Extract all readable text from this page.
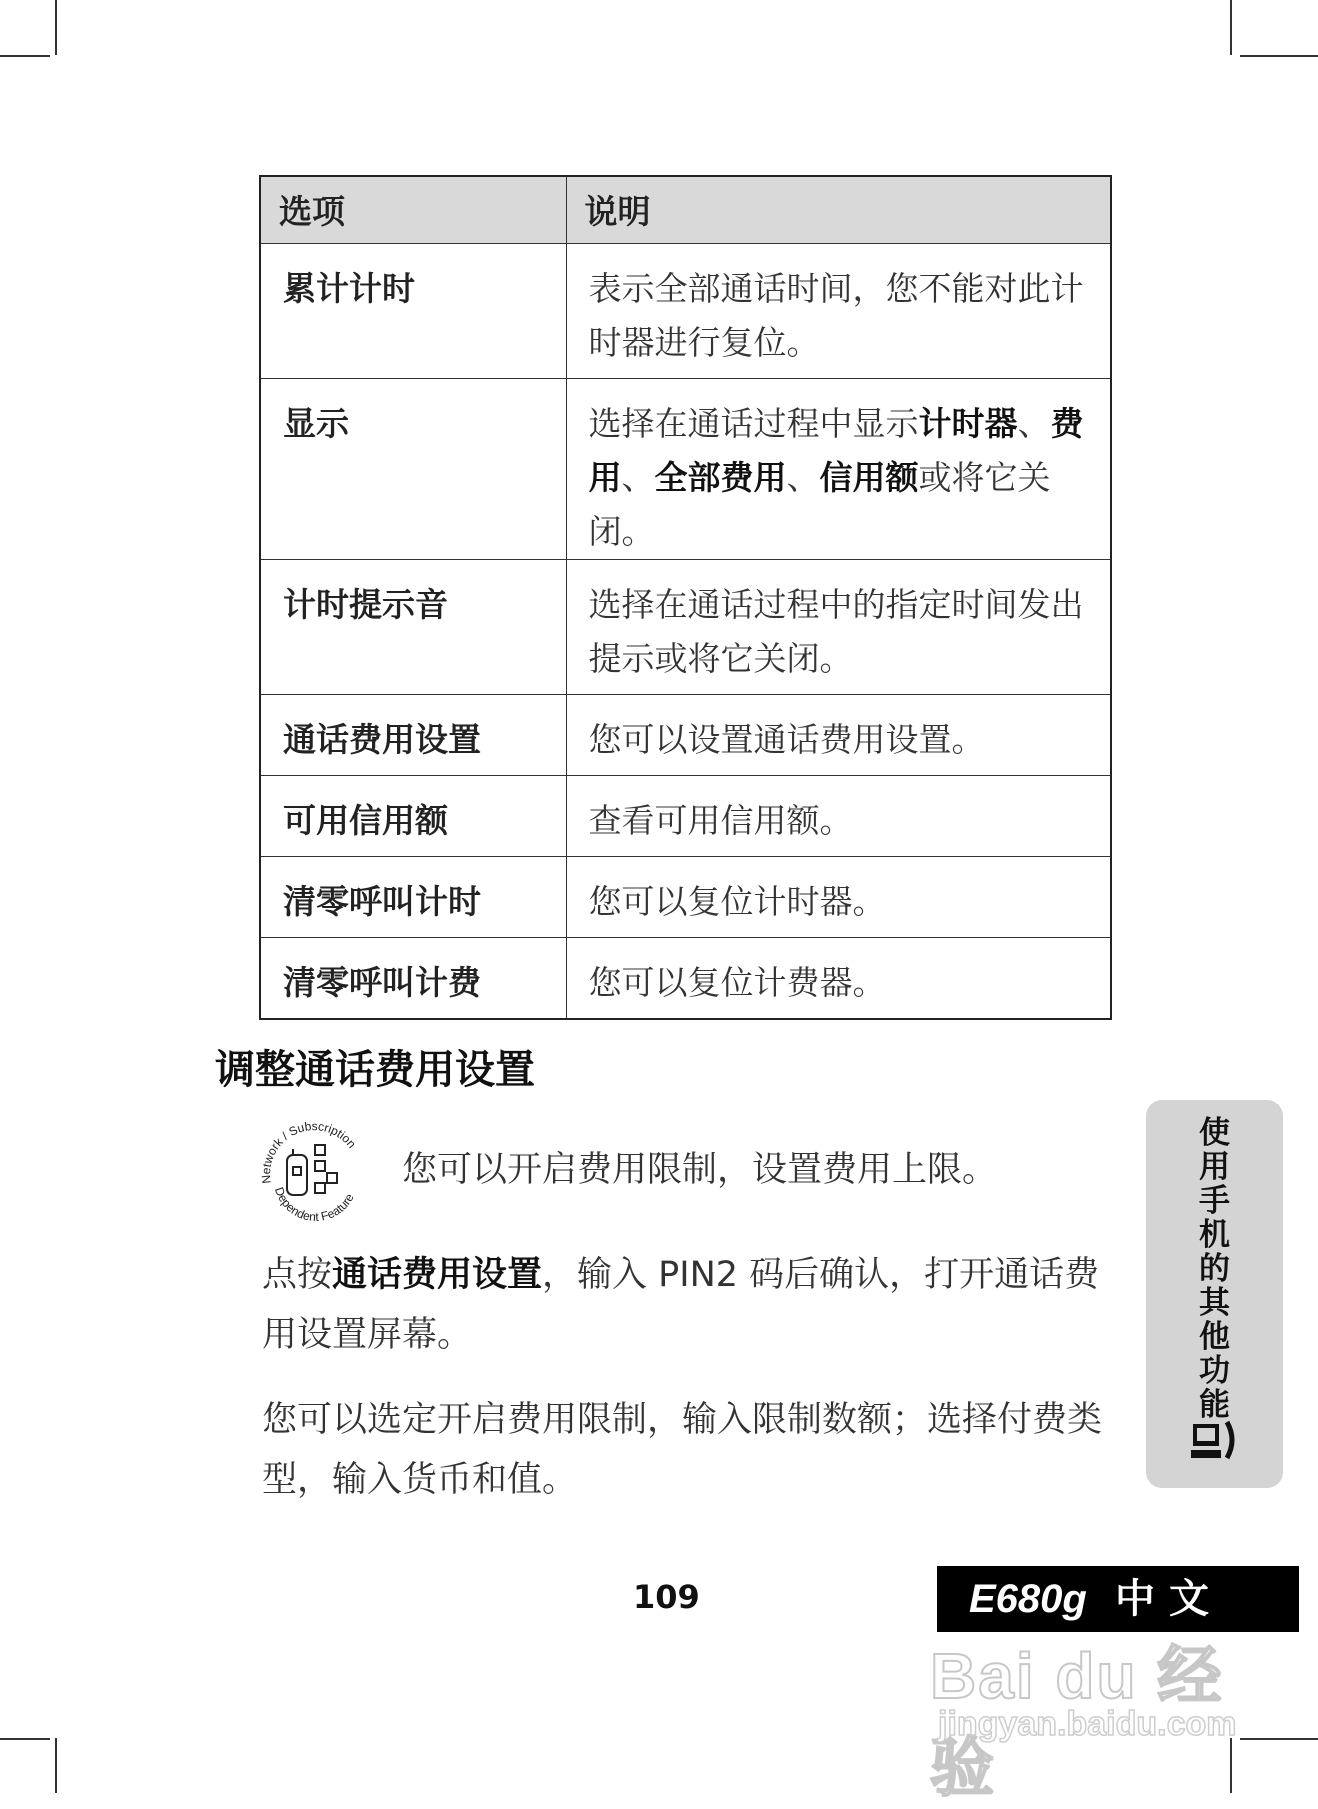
选项	说明
累计计时	表示全部通话时间，您不能对此计时器进行复位。
显示	选择在通话过程中显示计时器、费用、全部费用、信用额或将它关闭。
计时提示音	选择在通话过程中的指定时间发出提示或将它关闭。
通话费用设置	您可以设置通话费用设置。
可用信用额	查看可用信用额。
清零呼叫计时	您可以复位计时器。
清零呼叫计费	您可以复位计费器。
调整通话费用设置
Network / Subscription
Dependent Feature

您可以开启费用限制，设置费用上限。

点按通话费用设置，输入 PIN2 码后确认，打开通话费用设置屏幕。

您可以选定开启费用限制，输入限制数额；选择付费类型，输入货币和值。

使用手机的其他功能
109	E680g 中文
Bai du 经验
jingyan.baidu.com
